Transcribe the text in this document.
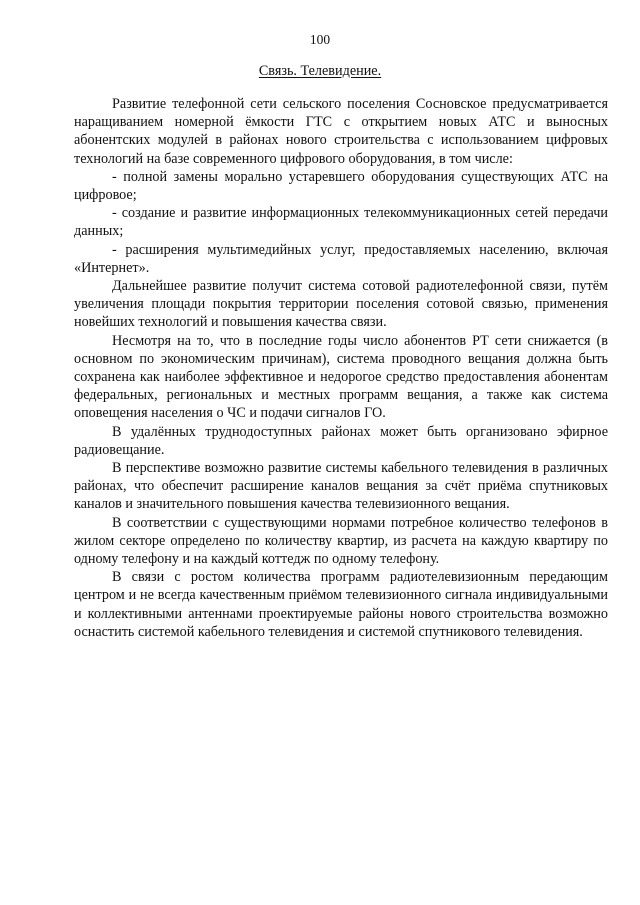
100
Связь. Телевидение.

Развитие телефонной сети сельского поселения Сосновское предусматривается наращиванием номерной ёмкости ГТС с открытием новых АТС и выносных абонентских модулей в районах нового строительства с использованием цифровых технологий на базе современного цифрового оборудования, в том числе:

- полной замены морально устаревшего оборудования существующих АТС на цифровое;

- создание и развитие информационных телекоммуникационных сетей передачи данных;

- расширения мультимедийных услуг, предоставляемых населению, включая «Интернет».

Дальнейшее развитие получит система сотовой радиотелефонной связи, путём увеличения площади покрытия территории поселения сотовой связью, применения новейших технологий и повышения качества связи.

Несмотря на то, что в последние годы число абонентов РТ сети снижается (в основном по экономическим причинам), система проводного вещания должна быть сохранена как наиболее эффективное и недорогое средство предоставления абонентам федеральных, региональных и местных программ вещания, а также как система оповещения населения о ЧС и подачи сигналов ГО.

В удалённых труднодоступных районах может быть организовано эфирное радиовещание.

В перспективе возможно развитие системы кабельного телевидения в различных районах, что обеспечит расширение каналов вещания за счёт приёма спутниковых каналов и значительного повышения качества телевизионного вещания.

В соответствии с существующими нормами потребное количество телефонов в жилом секторе определено по количеству квартир, из расчета на каждую квартиру по одному телефону и на каждый коттедж по одному телефону.

В связи с ростом количества программ радиотелевизионным передающим центром и не всегда качественным приёмом телевизионного сигнала индивидуальными и коллективными антеннами проектируемые районы нового строительства возможно оснастить системой кабельного телевидения и системой спутникового телевидения.
